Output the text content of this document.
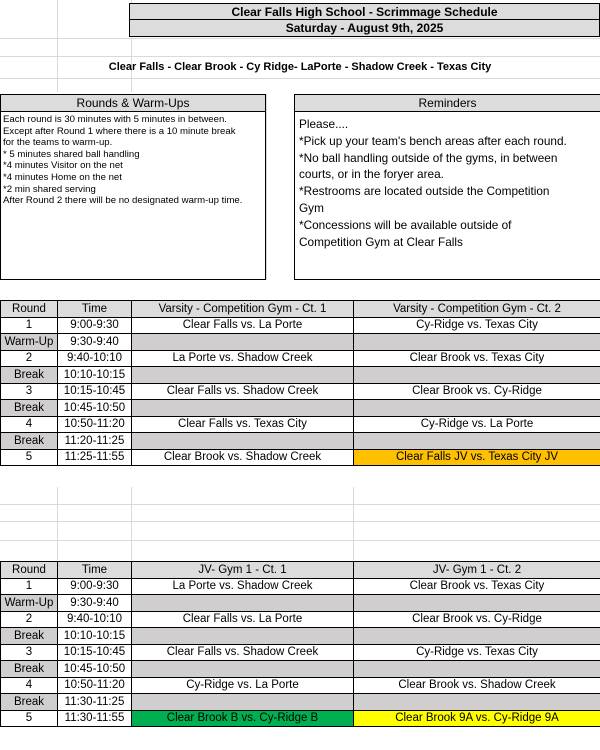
Clear Falls High School - Scrimmage Schedule
Saturday - August 9th, 2025
Clear Falls - Clear Brook - Cy Ridge- LaPorte - Shadow Creek - Texas City
Rounds & Warm-Ups
Each round is 30 minutes with 5 minutes in between.
Except after Round 1 where there is a 10 minute break
for the teams to warm-up.
* 5 minutes shared ball handling
*4 minutes Visitor on the net
*4 minutes Home on the net
*2 min shared serving
After Round 2 there will be no designated warm-up time.
Reminders
Please....
*Pick up your team's bench areas after each round.
*No ball handling outside of the gyms, in between
courts, or in the foryer area.
*Restrooms are located outside the Competition
Gym
*Concessions will be available outside of
Competition Gym at Clear Falls
Round	Time	Varsity - Competition Gym - Ct. 1	Varsity - Competition Gym - Ct. 2
1	9:00-9:30	Clear Falls vs. La Porte	Cy-Ridge vs. Texas City
Warm-Up	9:30-9:40		
2	9:40-10:10	La Porte vs. Shadow Creek	Clear Brook vs. Texas City
Break	10:10-10:15		
3	10:15-10:45	Clear Falls vs. Shadow Creek	Clear Brook vs. Cy-Ridge
Break	10:45-10:50		
4	10:50-11:20	Clear Falls vs. Texas City	Cy-Ridge vs. La Porte
Break	11:20-11:25		
5	11:25-11:55	Clear Brook vs. Shadow Creek	Clear Falls JV vs. Texas City JV
Round	Time	JV- Gym 1 - Ct. 1	JV- Gym 1 - Ct. 2
1	9:00-9:30	La Porte vs. Shadow Creek	Clear Brook vs. Texas City
Warm-Up	9:30-9:40		
2	9:40-10:10	Clear Falls vs. La Porte	Clear Brook vs. Cy-Ridge
Break	10:10-10:15		
3	10:15-10:45	Clear Falls vs. Shadow Creek	Cy-Ridge vs. Texas City
Break	10:45-10:50		
4	10:50-11:20	Cy-Ridge vs. La Porte	Clear Brook vs. Shadow Creek
Break	11:30-11:25		
5	11:30-11:55	Clear Brook B vs. Cy-Ridge B	Clear Brook 9A vs. Cy-Ridge 9A
